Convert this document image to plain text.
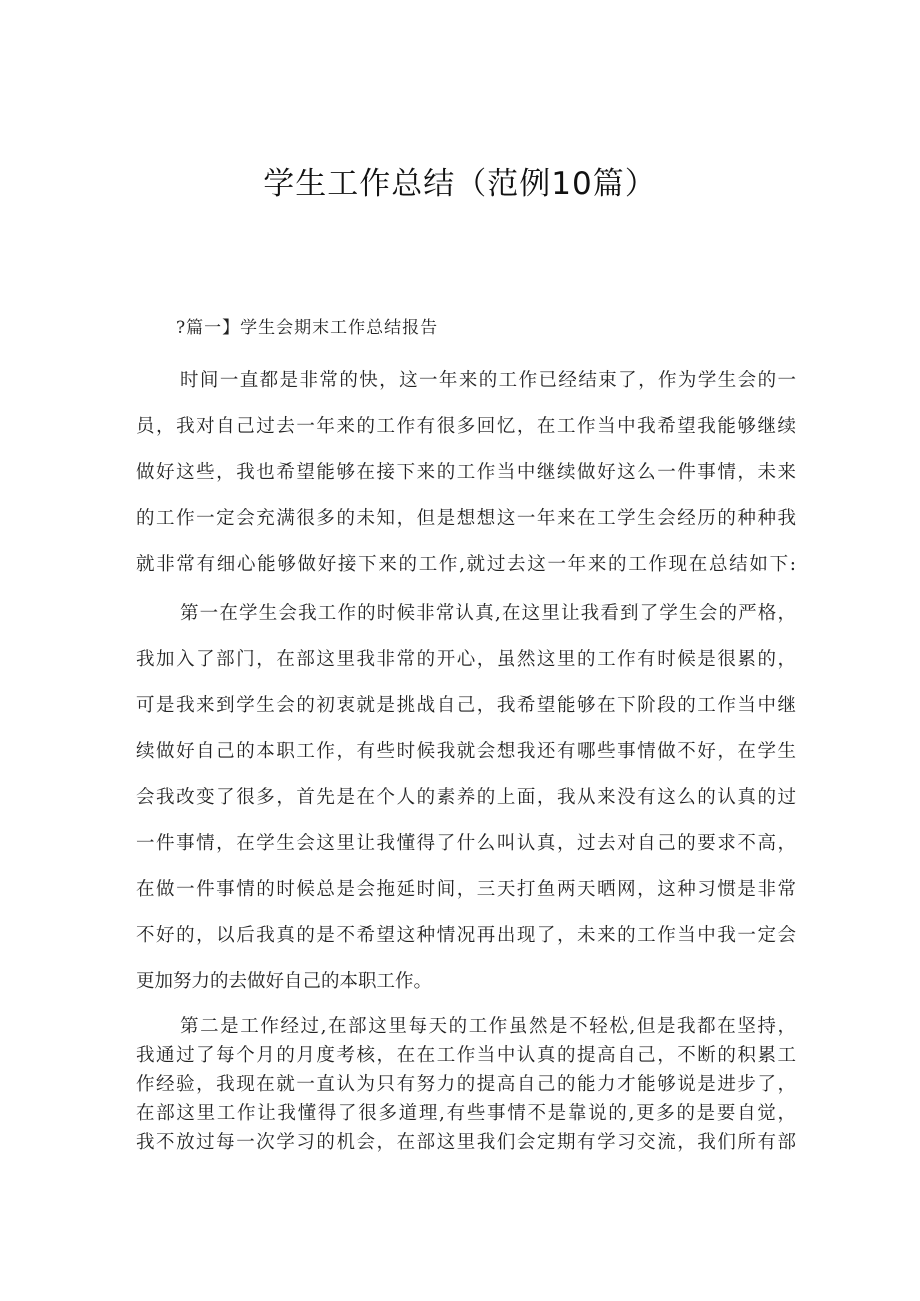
学生工作总结（范例10篇）
?篇一】学生会期末工作总结报告
时间一直都是非常的快，这一年来的工作已经结束了，作为学生会的一
员，我对自己过去一年来的工作有很多回忆，在工作当中我希望我能够继续
做好这些，我也希望能够在接下来的工作当中继续做好这么一件事情，未来
的工作一定会充满很多的未知，但是想想这一年来在工学生会经历的种种我
就非常有细心能够做好接下来的工作,就过去这一年来的工作现在总结如下:
第一在学生会我工作的时候非常认真,在这里让我看到了学生会的严格，
我加入了部门，在部这里我非常的开心，虽然这里的工作有时候是很累的，
可是我来到学生会的初衷就是挑战自己，我希望能够在下阶段的工作当中继
续做好自己的本职工作，有些时候我就会想我还有哪些事情做不好，在学生
会我改变了很多，首先是在个人的素养的上面，我从来没有这么的认真的过
一件事情，在学生会这里让我懂得了什么叫认真，过去对自己的要求不高，
在做一件事情的时候总是会拖延时间，三天打鱼两天晒网，这种习惯是非常
不好的，以后我真的是不希望这种情况再出现了，未来的工作当中我一定会
更加努力的去做好自己的本职工作。
第二是工作经过,在部这里每天的工作虽然是不轻松,但是我都在坚持，
我通过了每个月的月度考核，在在工作当中认真的提高自己，不断的积累工
作经验，我现在就一直认为只有努力的提高自己的能力才能够说是进步了，
在部这里工作让我懂得了很多道理,有些事情不是靠说的,更多的是要自觉，
我不放过每一次学习的机会，在部这里我们会定期有学习交流，我们所有部
